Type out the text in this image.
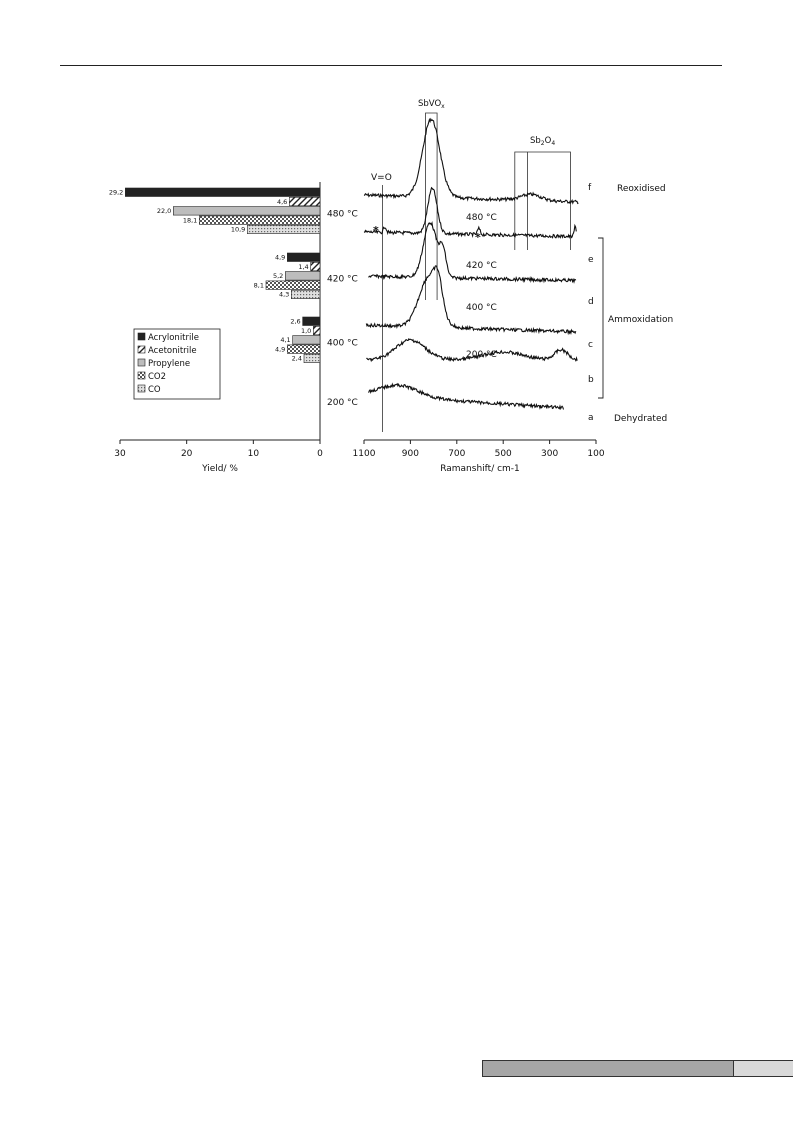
30	20	10	0
29,2
4,6
22,0
18,1
10,9
480 °C
4,9
1,4
5,2
8,1
4,3
420 °C
2,6
1,0
4,1
4,9
2,4
400 °C
200 °C
Yield/ %
Acrylonitrile
Acetonitrile
Propylene
CO2
CO
1100	900	700	500	300	100
f	Reoxidised
e
480 °C
d
420 °C
c
400 °C
b
200 °C
a Dehydrated
Ramanshift/ cm-1
V=O
SbVO$_x$
$Sb_2O_4$
*
*
Ammoxidation
